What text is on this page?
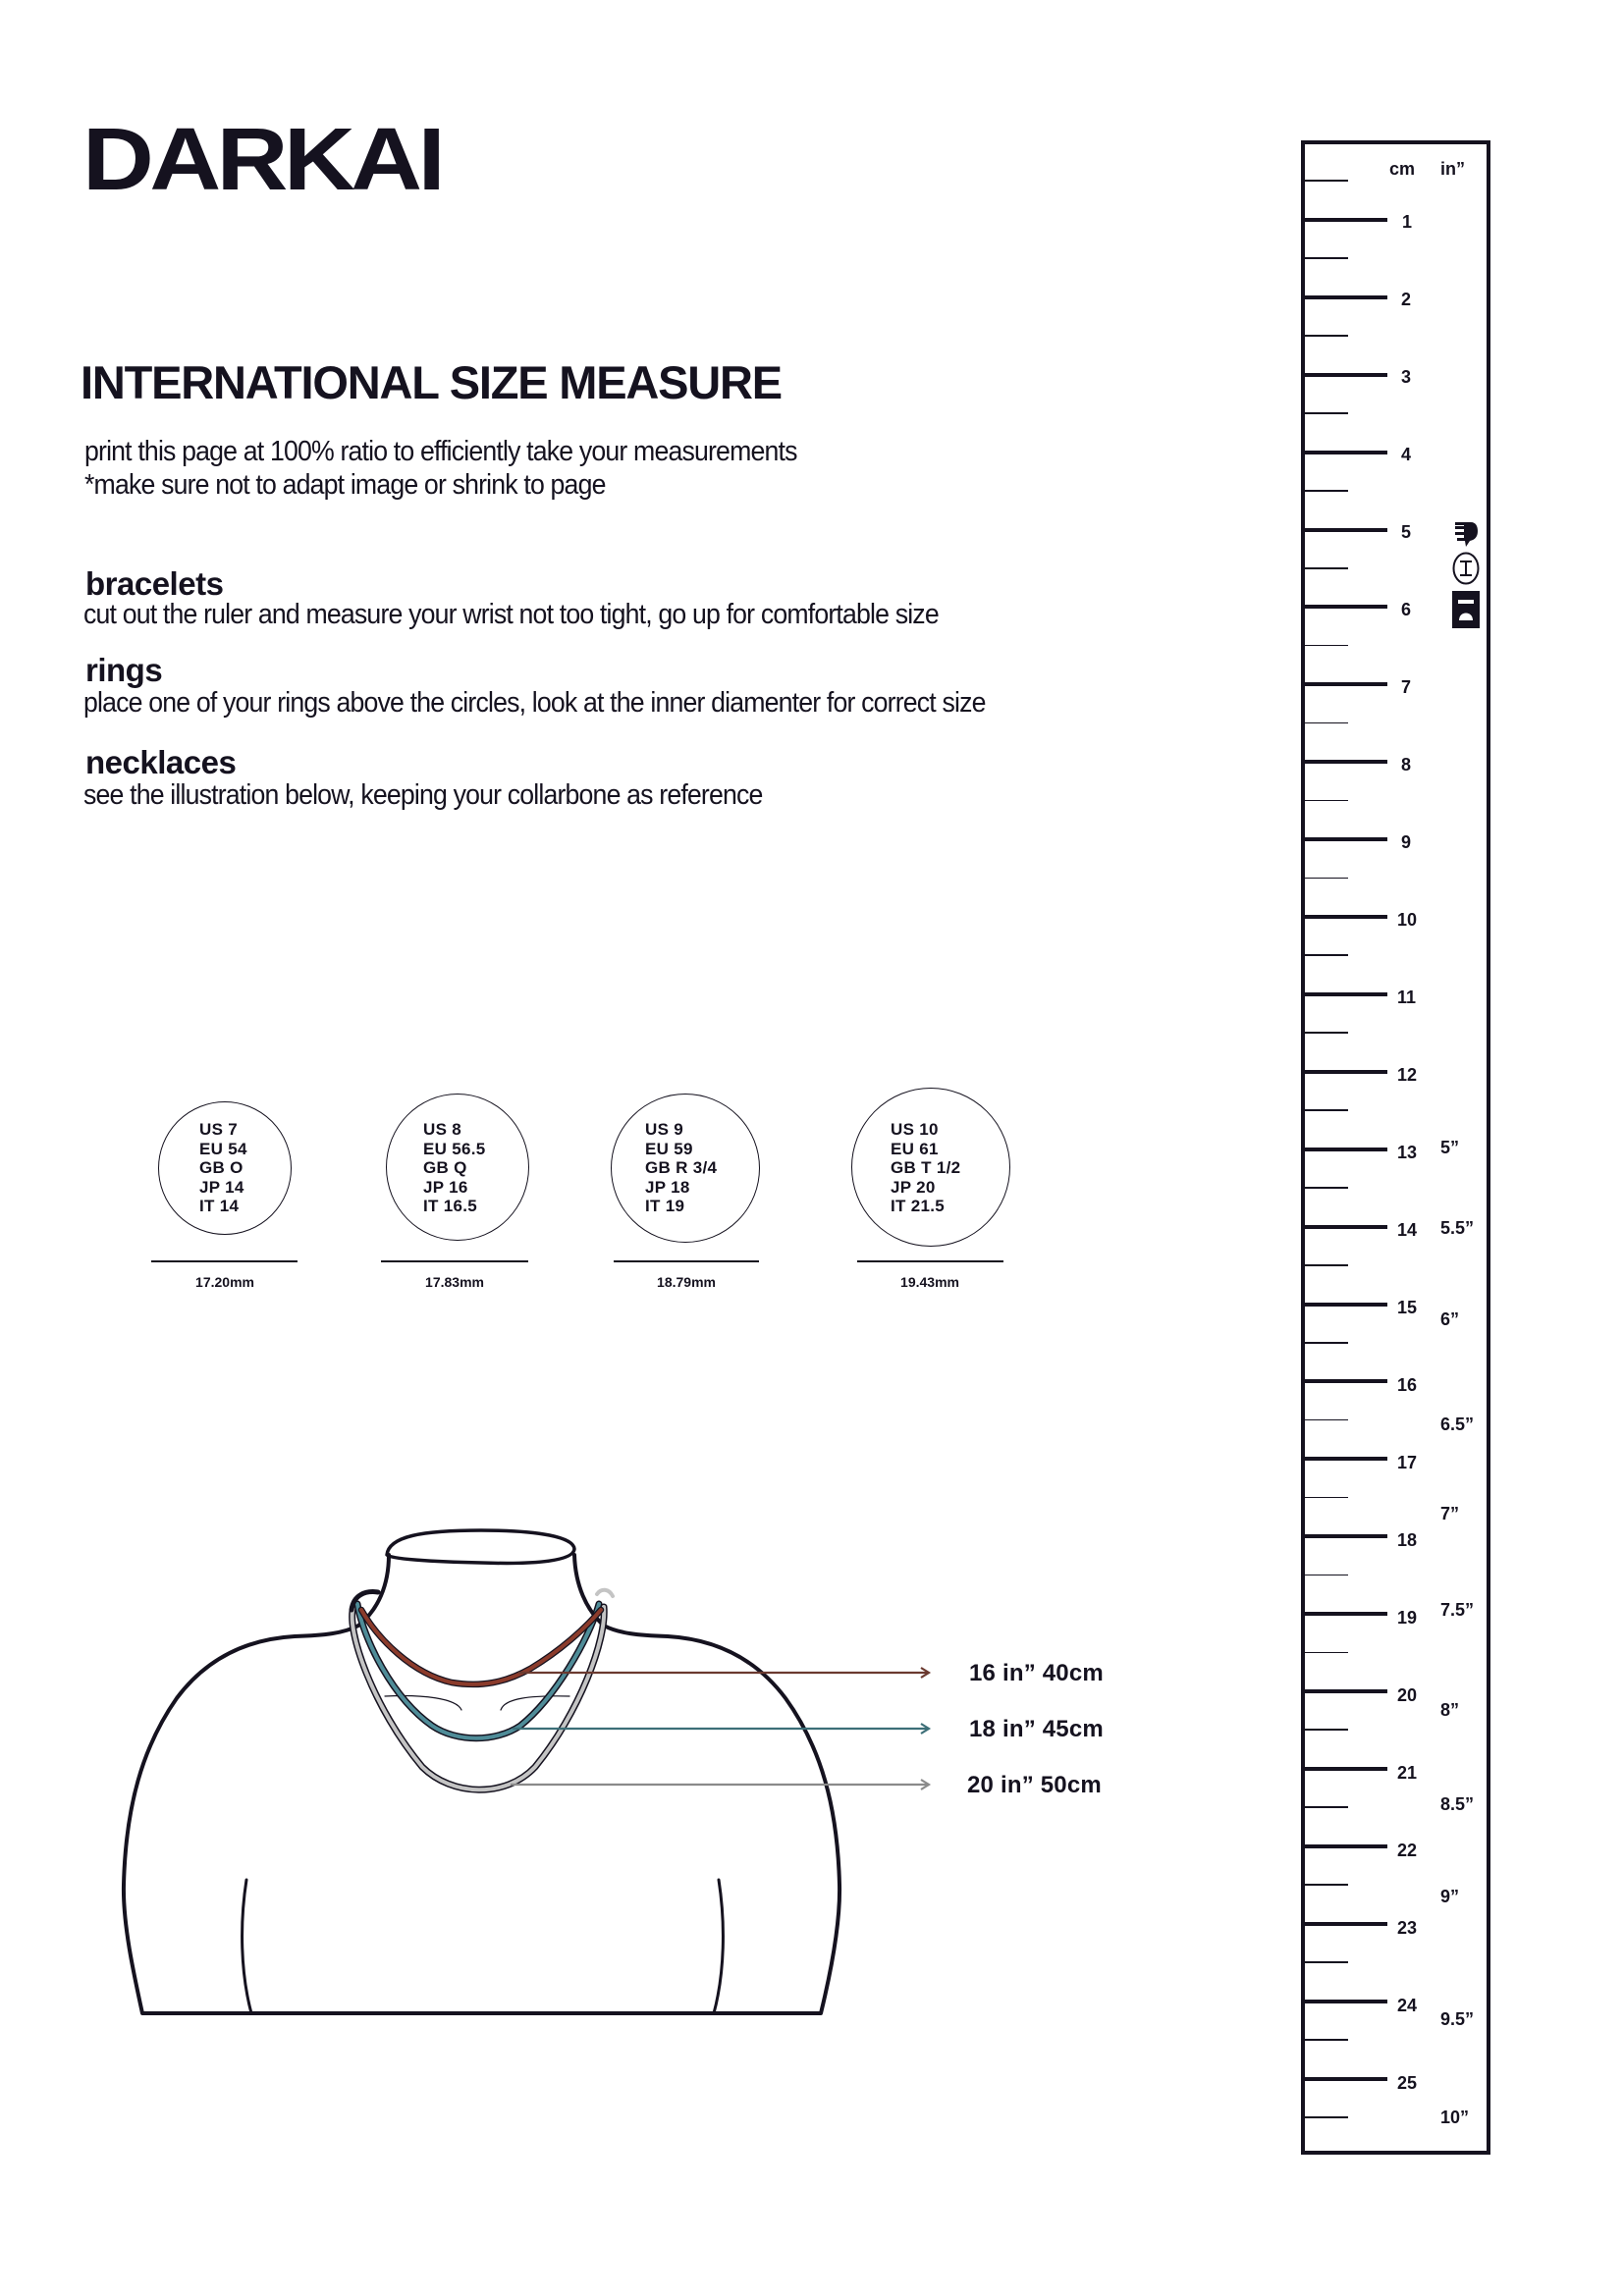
DARKAI
INTERNATIONAL SIZE MEASURE
print this page at 100% ratio to efficiently take your measurements
*make sure not to adapt image or shrink to page
bracelets
cut out the ruler and measure your wrist not too tight, go up for comfortable size
rings
place one of your rings above the circles, look at the inner diamenter for correct size
necklaces
see the illustration below, keeping your collarbone as reference
US 7
EU 54
GB O
JP 14
IT 14
17.20mm
US 8
EU 56.5
GB Q
JP 16
IT 16.5
17.83mm
US 9
EU 59
GB R 3/4
JP 18
IT 19
18.79mm
US 10
EU 61
GB T 1/2
JP 20
IT 21.5
19.43mm
16 in” 40cm
18 in” 45cm
20 in” 50cm
cm in”
1
2
3
4
5
6
7
8
9
10
11
12
13
14
15
16
17
18
19
20
21
22
23
24
25
5”
5.5”
6”
6.5”
7”
7.5”
8”
8.5”
9”
9.5”
10”
